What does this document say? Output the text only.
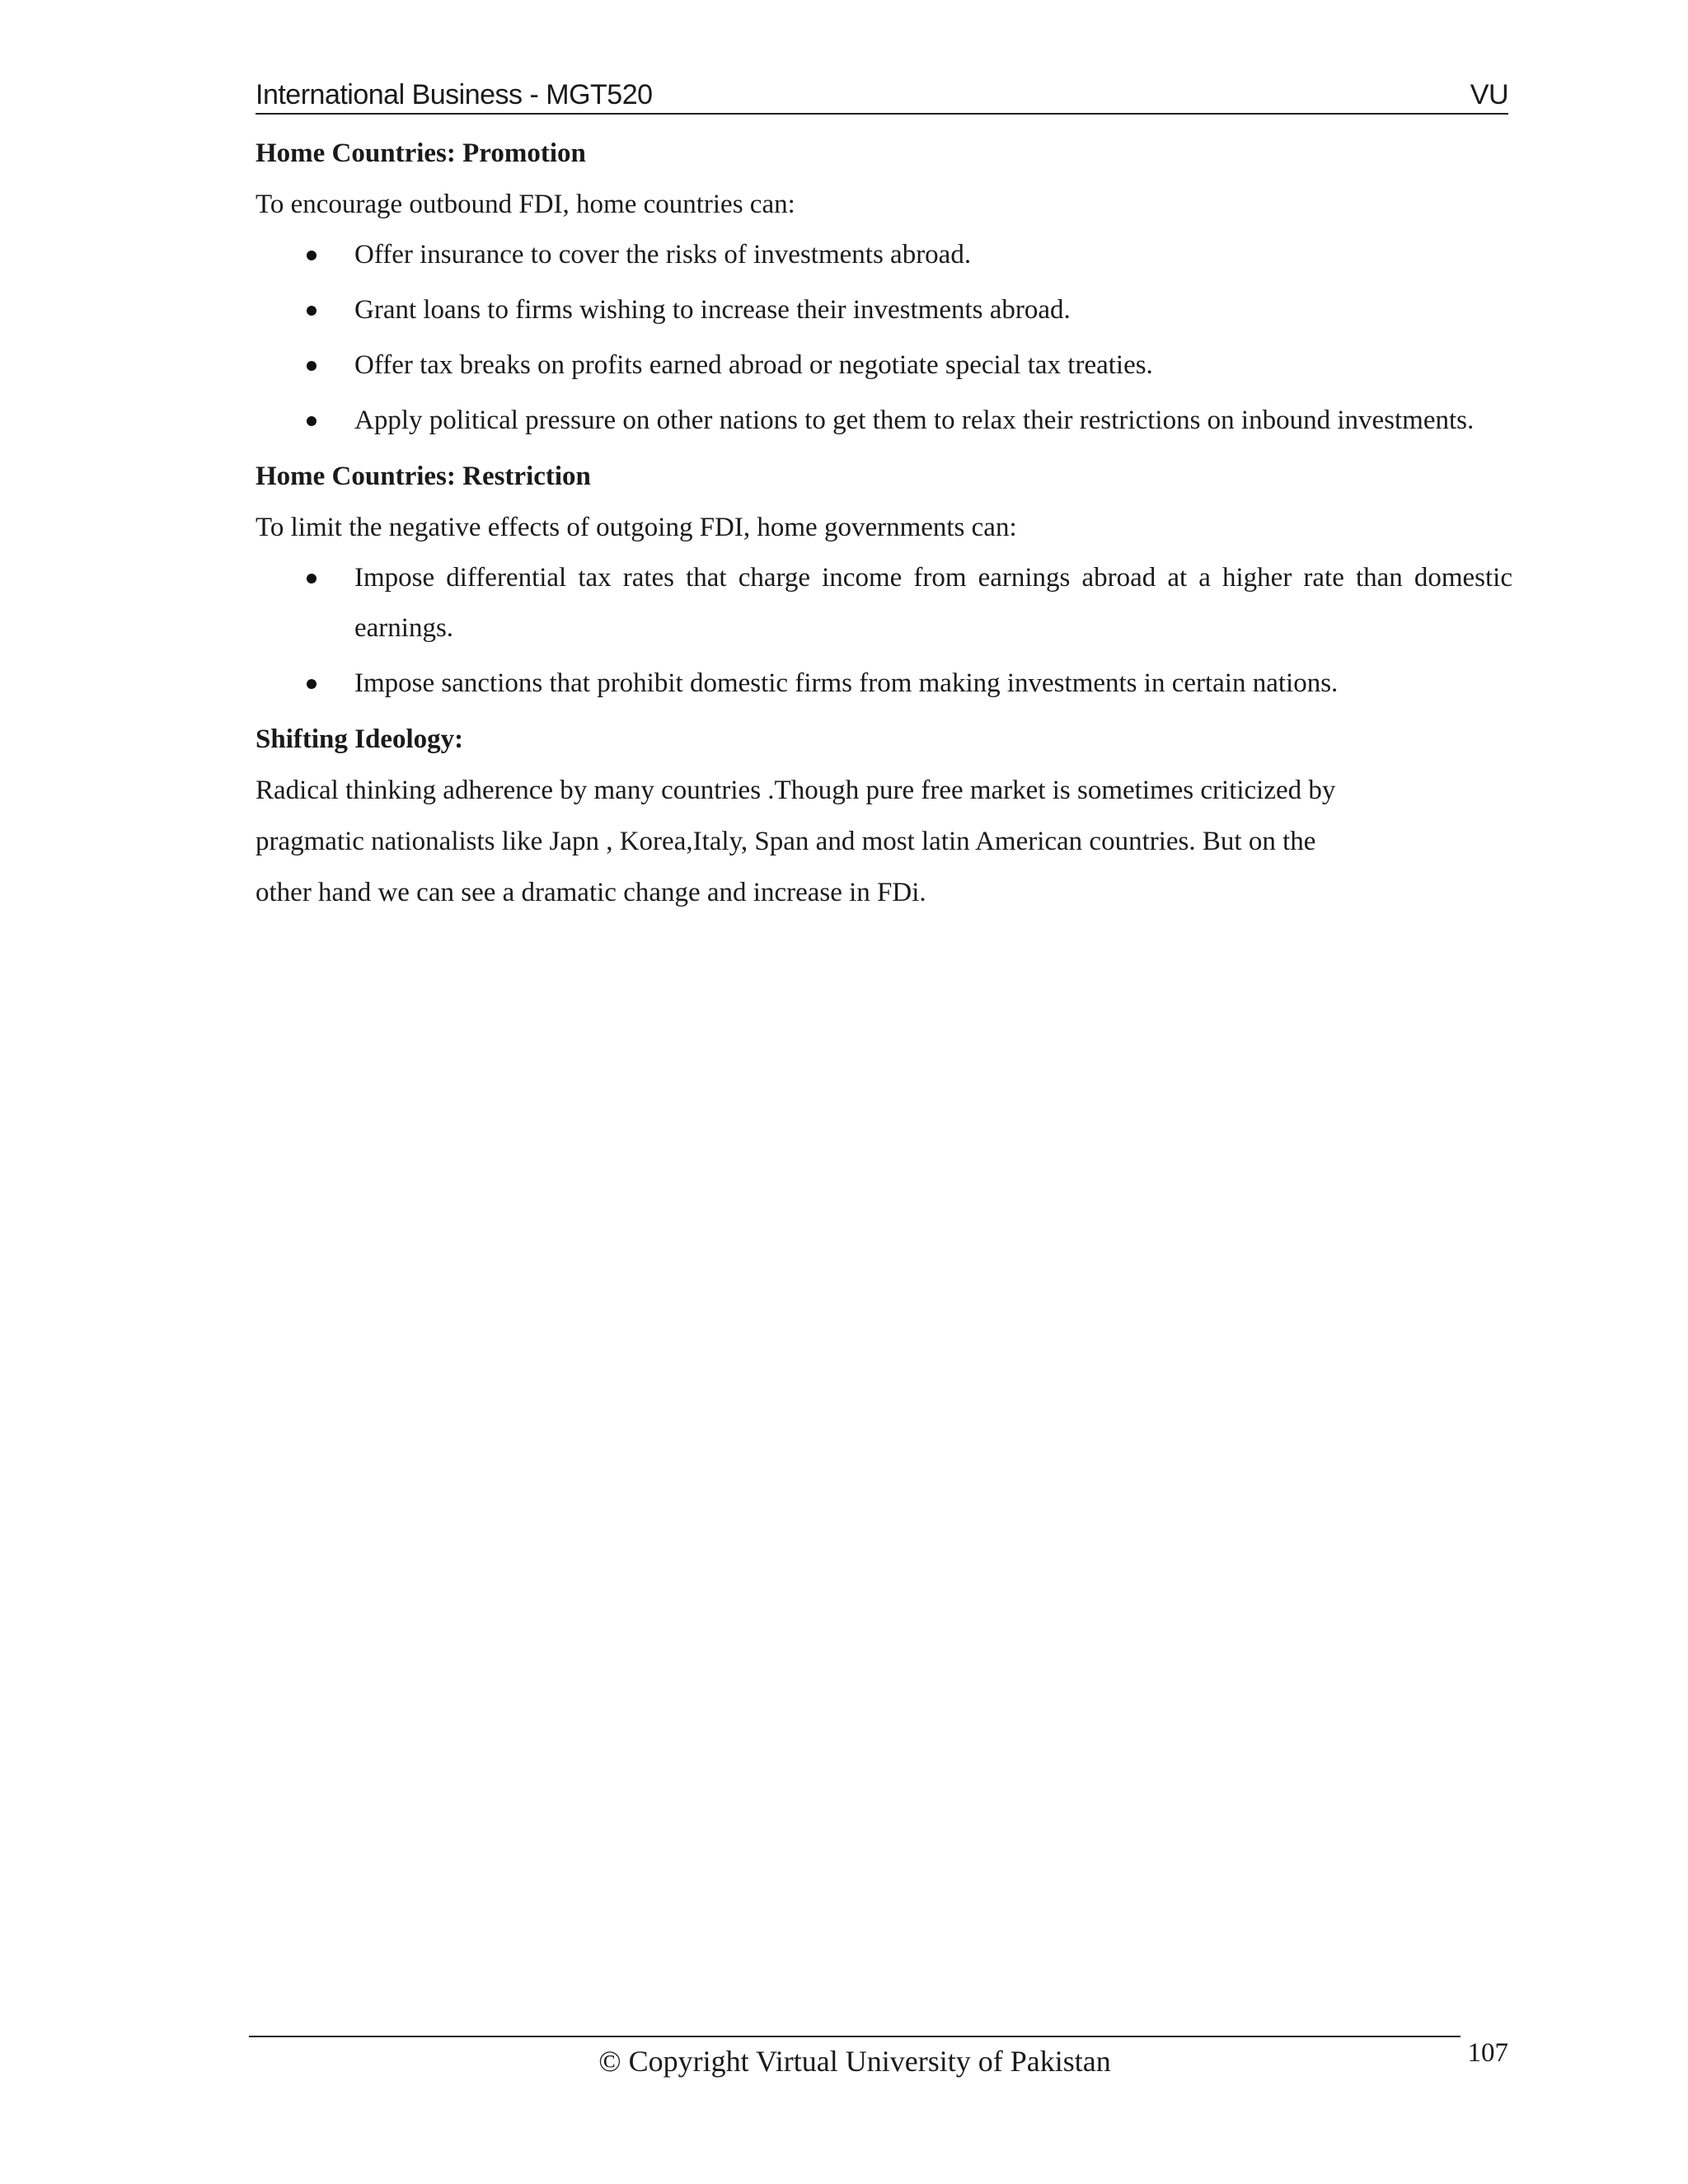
International Business - MGT520	VU
Home Countries: Promotion
To encourage outbound FDI, home countries can:
Offer insurance to cover the risks of investments abroad.
Grant loans to firms wishing to increase their investments abroad.
Offer tax breaks on profits earned abroad or negotiate special tax treaties.
Apply political pressure on other nations to get them to relax their restrictions on inbound investments.
Home Countries: Restriction
To limit the negative effects of outgoing FDI, home governments can:
Impose differential tax rates that charge income from earnings abroad at a higher rate than domestic earnings.
Impose sanctions that prohibit domestic firms from making investments in certain nations.
Shifting Ideology:
Radical thinking adherence by many countries .Though pure free market is sometimes criticized by
pragmatic nationalists like Japn , Korea,Italy, Span and most latin American countries. But on the
other hand we can see a dramatic change and increase in FDi.
© Copyright Virtual University of Pakistan	107
